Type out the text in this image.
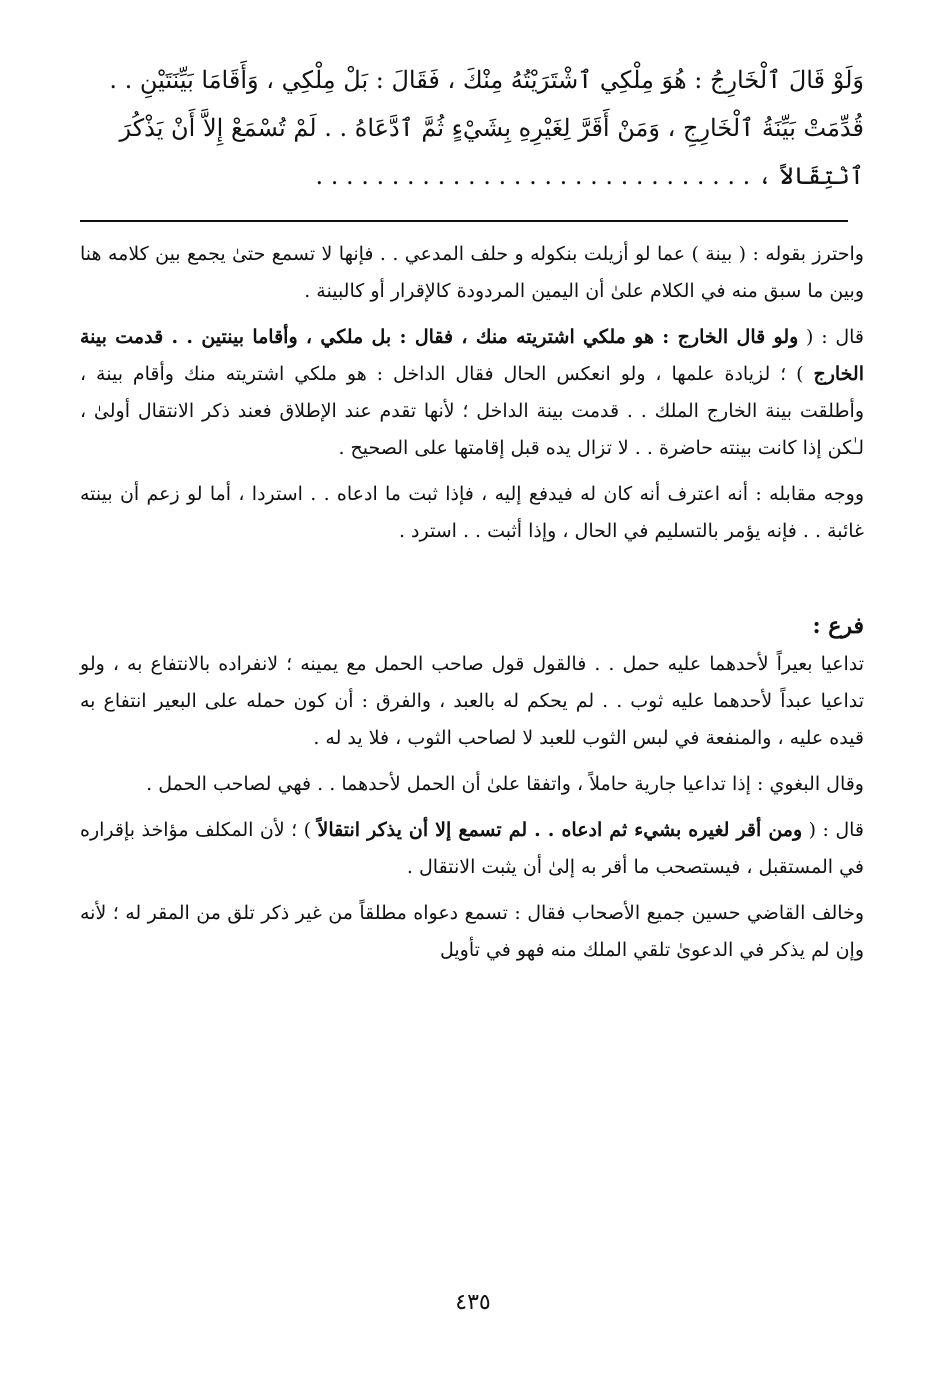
وَلَوْ قَالَ ٱلْخَارِجُ : هُوَ مِلْكِي ٱشْتَرَيْتُهُ مِنْكَ ، فَقَالَ : بَلْ مِلْكِي ، وَأَقَامَا بَيِّنَتَيْنِ . .

قُدِّمَتْ بَيِّنَةُ ٱلْخَارِجِ ، وَمَنْ أَقَرَّ لِغَيْرِهِ بِشَيْءٍ ثُمَّ ٱدَّعَاهُ . . لَمْ تُسْمَعْ إِلاَّ أَنْ يَذْكُرَ

ٱنْتِقَالاً ، . . . . . . . . . . . . . . . . . . . . . . . . . . . . .

واحترز بقوله : ( بينة ) عما لو أزيلت بنكوله و حلف المدعي . . فإنها لا تسمع حتىٰ يجمع بين كلامه هنا وبين ما سبق منه في الكلام علىٰ أن اليمين المردودة كالإقرار أو كالبينة .

قال : ( ولو قال الخارج : هو ملكي اشتريته منك ، فقال : بل ملكي ، وأقاما بينتين . . قدمت بينة الخارج ) ؛ لزيادة علمها ، ولو انعكس الحال فقال الداخل : هو ملكي اشتريته منك وأقام بينة ، وأطلقت بينة الخارج الملك . . قدمت بينة الداخل ؛ لأنها تقدم عند الإطلاق فعند ذكر الانتقال أولىٰ ، لـٰكن إذا كانت بينته حاضرة . . لا تزال يده قبل إقامتها على الصحيح .

ووجه مقابله : أنه اعترف أنه كان له فيدفع إليه ، فإذا ثبت ما ادعاه . . استردا ، أما لو زعم أن بينته غائبة . . فإنه يؤمر بالتسليم في الحال ، وإذا أثبت . . استرد .

فرع :

تداعيا بعيراً لأحدهما عليه حمل . . فالقول قول صاحب الحمل مع يمينه ؛ لانفراده بالانتفاع به ، ولو تداعيا عبداً لأحدهما عليه ثوب . . لم يحكم له بالعبد ، والفرق : أن كون حمله على البعير انتفاع به قيده عليه ، والمنفعة في لبس الثوب للعبد لا لصاحب الثوب ، فلا يد له .

وقال البغوي : إذا تداعيا جارية حاملاً ، واتفقا علىٰ أن الحمل لأحدهما . . فهي لصاحب الحمل .

قال : ( ومن أقر لغيره بشيء ثم ادعاه . . لم تسمع إلا أن يذكر انتقالاً ) ؛ لأن المكلف مؤاخذ بإقراره في المستقبل ، فيستصحب ما أقر به إلىٰ أن يثبت الانتقال .

وخالف القاضي حسين جميع الأصحاب فقال : تسمع دعواه مطلقاً من غير ذكر تلق من المقر له ؛ لأنه وإن لم يذكر في الدعوىٰ تلقي الملك منه فهو في تأويل

٤٣٥
